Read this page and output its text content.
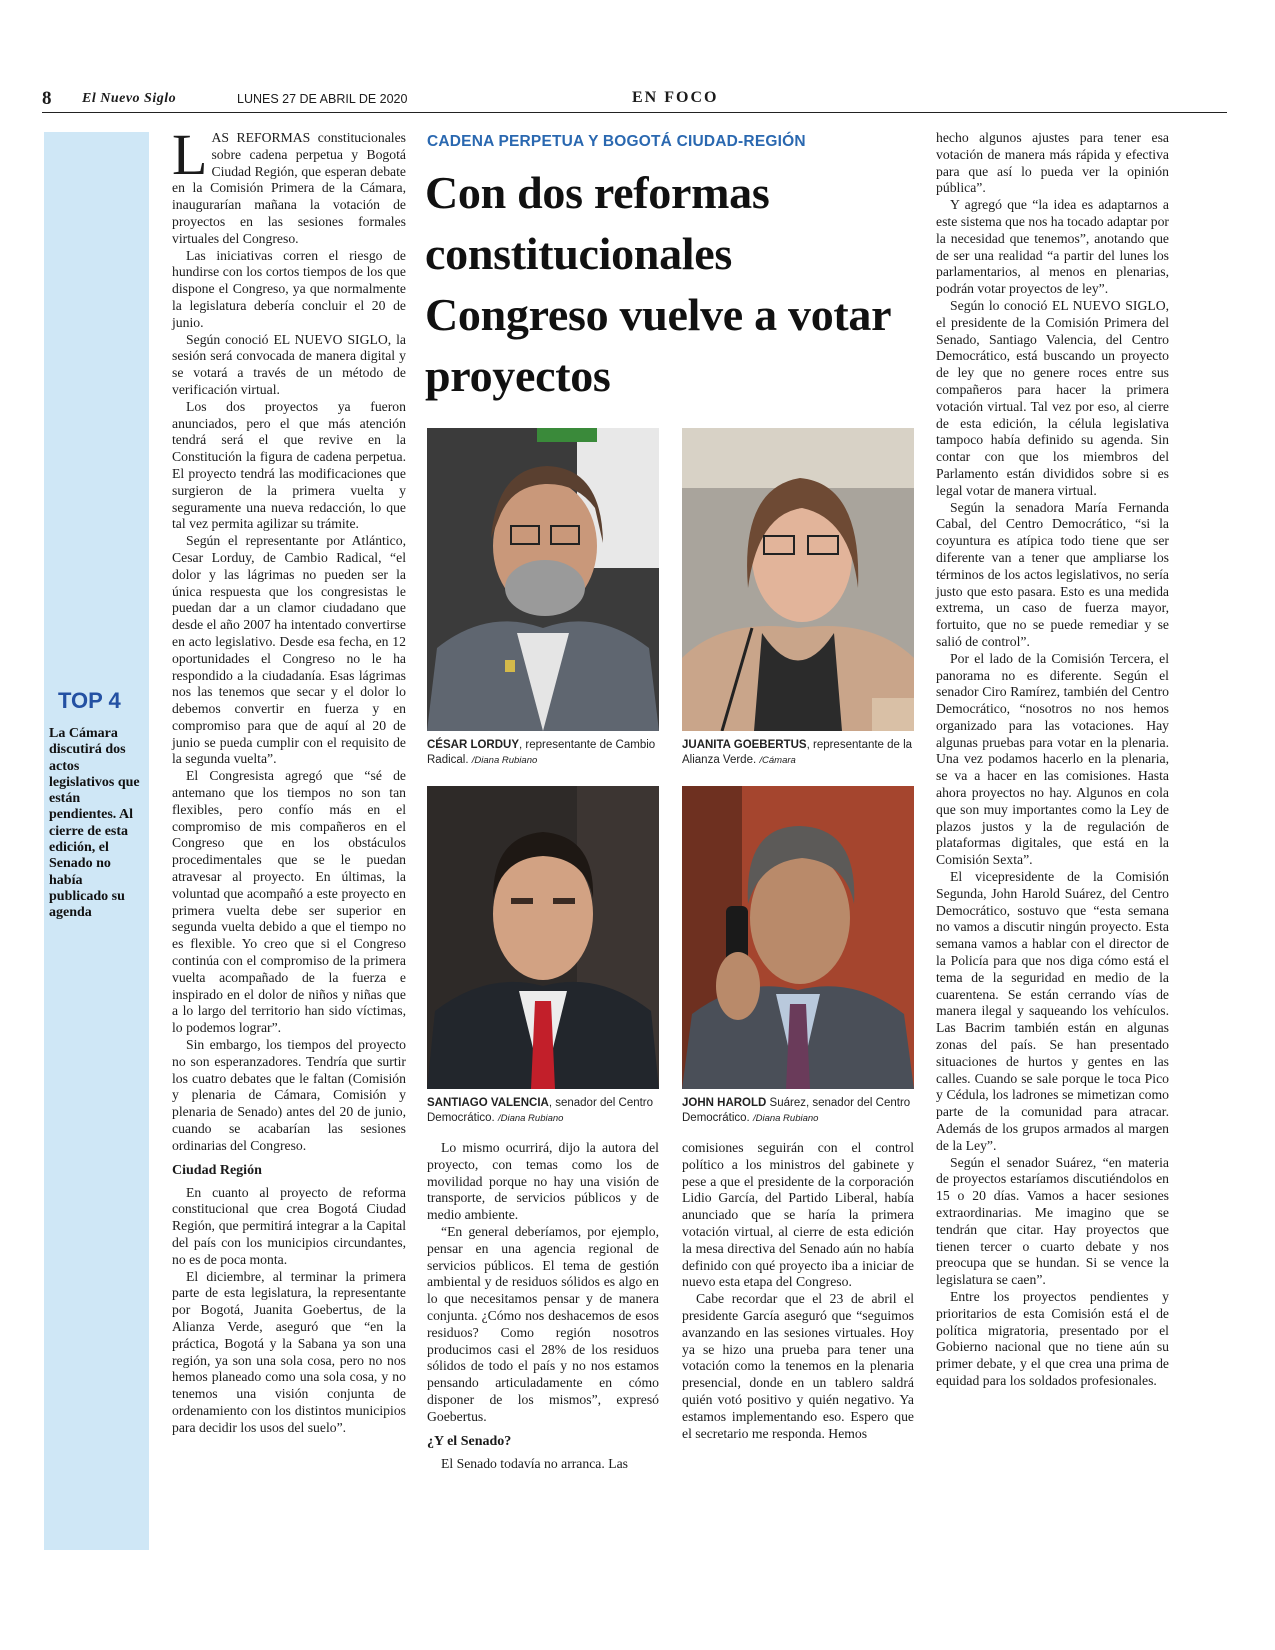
8 El Nuevo Siglo	LUNES 27 DE ABRIL DE 2020	EN FOCO
TOP 4
La Cámara discutirá dos actos legislativos que están pendientes. Al cierre de esta edición, el Senado no había publicado su agenda
L AS REFORMAS constitucionales sobre cadena perpetua y Bogotá Ciudad Región, que esperan debate en la Comisión Primera de la Cámara, inaugurarían mañana la votación de proyectos en las sesiones formales virtuales del Congreso.

Las iniciativas corren el riesgo de hundirse con los cortos tiempos de los que dispone el Congreso, ya que normalmente la legislatura debería concluir el 20 de junio.

Según conoció EL NUEVO SIGLO, la sesión será convocada de manera digital y se votará a través de un método de verificación virtual.

Los dos proyectos ya fueron anunciados, pero el que más atención tendrá será el que revive en la Constitución la figura de cadena perpetua. El proyecto tendrá las modificaciones que surgieron de la primera vuelta y seguramente una nueva redacción, lo que tal vez permita agilizar su trámite.

Según el representante por Atlántico, Cesar Lorduy, de Cambio Radical, “el dolor y las lágrimas no pueden ser la única respuesta que los congresistas le puedan dar a un clamor ciudadano que desde el año 2007 ha intentado convertirse en acto legislativo. Desde esa fecha, en 12 oportunidades el Congreso no le ha respondido a la ciudadanía. Esas lágrimas nos las tenemos que secar y el dolor lo debemos convertir en fuerza y en compromiso para que de aquí al 20 de junio se pueda cumplir con el requisito de la segunda vuelta”.

El Congresista agregó que “sé de antemano que los tiempos no son tan flexibles, pero confío más en el compromiso de mis compañeros en el Congreso que en los obstáculos procedimentales que se le puedan atravesar al proyecto. En últimas, la voluntad que acompañó a este proyecto en primera vuelta debe ser superior en segunda vuelta debido a que el tiempo no es flexible. Yo creo que si el Congreso continúa con el compromiso de la primera vuelta acompañado de la fuerza e inspirado en el dolor de niños y niñas que a lo largo del territorio han sido víctimas, lo podemos lograr”.

Sin embargo, los tiempos del proyecto no son esperanzadores. Tendría que surtir los cuatro debates que le faltan (Comisión y plenaria de Cámara, Comisión y plenaria de Senado) antes del 20 de junio, cuando se acabarían las sesiones ordinarias del Congreso.

Ciudad Región

En cuanto al proyecto de reforma constitucional que crea Bogotá Ciudad Región, que permitirá integrar a la Capital del país con los municipios circundantes, no es de poca monta.

El diciembre, al terminar la primera parte de esta legislatura, la representante por Bogotá, Juanita Goebertus, de la Alianza Verde, aseguró que “en la práctica, Bogotá y la Sabana ya son una región, ya son una sola cosa, pero no nos hemos planeado como una sola cosa, y no tenemos una visión conjunta de ordenamiento con los distintos municipios para decidir los usos del suelo”.

CADENA PERPETUA Y BOGOTÁ CIUDAD-REGIÓN
Con dos reformas constitucionales Congreso vuelve a votar proyectos
CÉSAR LORDUY, representante de Cambio Radical. /Diana Rubiano
JUANITA GOEBERTUS, representante de la Alianza Verde. /Cámara
SANTIAGO VALENCIA, senador del Centro Democrático. /Diana Rubiano
JOHN HAROLD Suárez, senador del Centro Democrático. /Diana Rubiano

Lo mismo ocurrirá, dijo la autora del proyecto, con temas como los de movilidad porque no hay una visión de transporte, de servicios públicos y de medio ambiente.

“En general deberíamos, por ejemplo, pensar en una agencia regional de servicios públicos. El tema de gestión ambiental y de residuos sólidos es algo en lo que necesitamos pensar y de manera conjunta. ¿Cómo nos deshacemos de esos residuos? Como región nosotros producimos casi el 28% de los residuos sólidos de todo el país y no nos estamos pensando articuladamente en cómo disponer de los mismos”, expresó Goebertus.

¿Y el Senado?

El Senado todavía no arranca. Las

comisiones seguirán con el control político a los ministros del gabinete y pese a que el presidente de la corporación Lidio García, del Partido Liberal, había anunciado que se haría la primera votación virtual, al cierre de esta edición la mesa directiva del Senado aún no había definido con qué proyecto iba a iniciar de nuevo esta etapa del Congreso.

Cabe recordar que el 23 de abril el presidente García aseguró que “seguimos avanzando en las sesiones virtuales. Hoy ya se hizo una prueba para tener una votación como la tenemos en la plenaria presencial, donde en un tablero saldrá quién votó positivo y quién negativo. Ya estamos implementando eso. Espero que el secretario me responda. Hemos

hecho algunos ajustes para tener esa votación de manera más rápida y efectiva para que así lo pueda ver la opinión pública”.

Y agregó que “la idea es adaptarnos a este sistema que nos ha tocado adaptar por la necesidad que tenemos”, anotando que de ser una realidad “a partir del lunes los parlamentarios, al menos en plenarias, podrán votar proyectos de ley”.

Según lo conoció EL NUEVO SIGLO, el presidente de la Comisión Primera del Senado, Santiago Valencia, del Centro Democrático, está buscando un proyecto de ley que no genere roces entre sus compañeros para hacer la primera votación virtual. Tal vez por eso, al cierre de esta edición, la célula legislativa tampoco había definido su agenda. Sin contar con que los miembros del Parlamento están divididos sobre si es legal votar de manera virtual.

Según la senadora María Fernanda Cabal, del Centro Democrático, “si la coyuntura es atípica todo tiene que ser diferente van a tener que ampliarse los términos de los actos legislativos, no sería justo que esto pasara. Esto es una medida extrema, un caso de fuerza mayor, fortuito, que no se puede remediar y se salió de control”.

Por el lado de la Comisión Tercera, el panorama no es diferente. Según el senador Ciro Ramírez, también del Centro Democrático, “nosotros no nos hemos organizado para las votaciones. Hay algunas pruebas para votar en la plenaria. Una vez podamos hacerlo en la plenaria, se va a hacer en las comisiones. Hasta ahora proyectos no hay. Algunos en cola que son muy importantes como la Ley de plazos justos y la de regulación de plataformas digitales, que está en la Comisión Sexta”.

El vicepresidente de la Comisión Segunda, John Harold Suárez, del Centro Democrático, sostuvo que “esta semana no vamos a discutir ningún proyecto. Esta semana vamos a hablar con el director de la Policía para que nos diga cómo está el tema de la seguridad en medio de la cuarentena. Se están cerrando vías de manera ilegal y saqueando los vehículos. Las Bacrim también están en algunas zonas del país. Se han presentado situaciones de hurtos y gentes en las calles. Cuando se sale porque le toca Pico y Cédula, los ladrones se mimetizan como parte de la comunidad para atracar. Además de los grupos armados al margen de la Ley”.

Según el senador Suárez, “en materia de proyectos estaríamos discutiéndolos en 15 o 20 días. Vamos a hacer sesiones extraordinarias. Me imagino que se tendrán que citar. Hay proyectos que tienen tercer o cuarto debate y nos preocupa que se hundan. Si se vence la legislatura se caen”.

Entre los proyectos pendientes y prioritarios de esta Comisión está el de política migratoria, presentado por el Gobierno nacional que no tiene aún su primer debate, y el que crea una prima de equidad para los soldados profesionales.
